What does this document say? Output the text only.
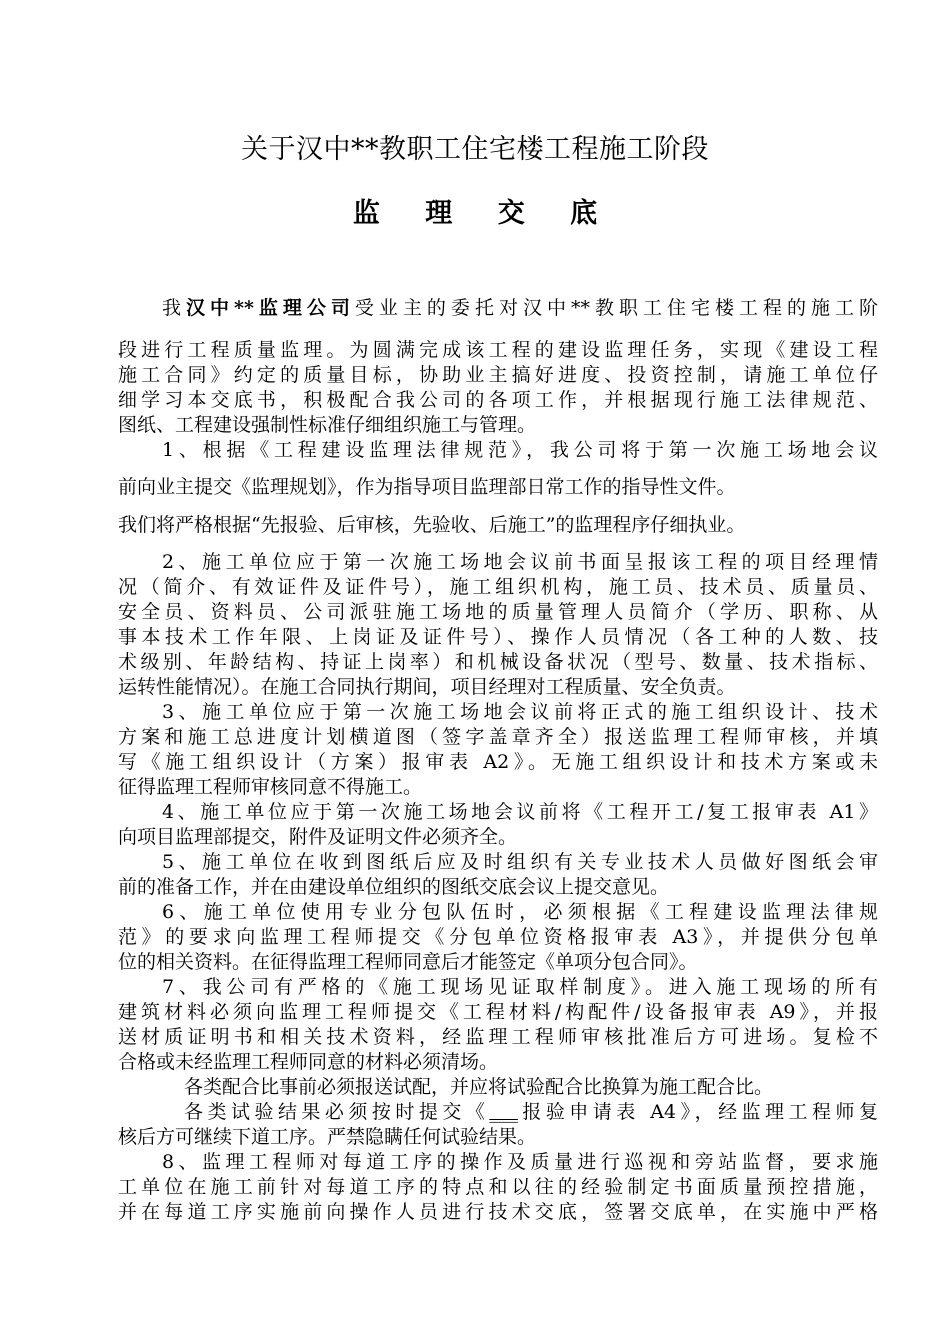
关于汉中**教职工住宅楼工程施工阶段
监 理 交 底
我汉中**监理公司受业主的委托对汉中**教职工住宅楼工程的施工阶
段进行工程质量监理。为圆满完成该工程的建设监理任务，实现《建设工程
施工合同》约定的质量目标，协助业主搞好进度、投资控制，请施工单位仔
细学习本交底书，积极配合我公司的各项工作，并根据现行施工法律规范、
图纸、工程建设强制性标准仔细组织施工与管理。
1、根据《工程建设监理法律规范》，我公司将于第一次施工场地会议
前向业主提交《监理规划》，作为指导项目监理部日常工作的指导性文件。
我们将严格根据“先报验、后审核，先验收、后施工”的监理程序仔细执业。
2、施工单位应于第一次施工场地会议前书面呈报该工程的项目经理情
况（简介、有效证件及证件号），施工组织机构，施工员、技术员、质量员、
安全员、资料员、公司派驻施工场地的质量管理人员简介（学历、职称、从
事本技术工作年限、上岗证及证件号）、操作人员情况（各工种的人数、技
术级别、年龄结构、持证上岗率）和机械设备状况（型号、数量、技术指标、
运转性能情况）。在施工合同执行期间，项目经理对工程质量、安全负责。
3、施工单位应于第一次施工场地会议前将正式的施工组织设计、技术
方案和施工总进度计划横道图（签字盖章齐全）报送监理工程师审核，并填
写《施工组织设计（方案）报审表 A2》。无施工组织设计和技术方案或未
征得监理工程师审核同意不得施工。
4、施工单位应于第一次施工场地会议前将《工程开工/复工报审表 A1》
向项目监理部提交，附件及证明文件必须齐全。
5、施工单位在收到图纸后应及时组织有关专业技术人员做好图纸会审
前的准备工作，并在由建设单位组织的图纸交底会议上提交意见。
6、施工单位使用专业分包队伍时，必须根据《工程建设监理法律规
范》的要求向监理工程师提交《分包单位资格报审表 A3》，并提供分包单
位的相关资料。在征得监理工程师同意后才能签定《单项分包合同》。
7、我公司有严格的《施工现场见证取样制度》。进入施工现场的所有
建筑材料必须向监理工程师提交《工程材料/构配件/设备报审表 A9》，并报
送材质证明书和相关技术资料，经监理工程师审核批准后方可进场。复检不
合格或未经监理工程师同意的材料必须清场。
各类配合比事前必须报送试配，并应将试验配合比换算为施工配合比。
各类试验结果必须按时提交《___报验申请表 A4》，经监理工程师复
核后方可继续下道工序。严禁隐瞒任何试验结果。
8、监理工程师对每道工序的操作及质量进行巡视和旁站监督，要求施
工单位在施工前针对每道工序的特点和以往的经验制定书面质量预控措施，
并在每道工序实施前向操作人员进行技术交底，签署交底单，在实施中严格
